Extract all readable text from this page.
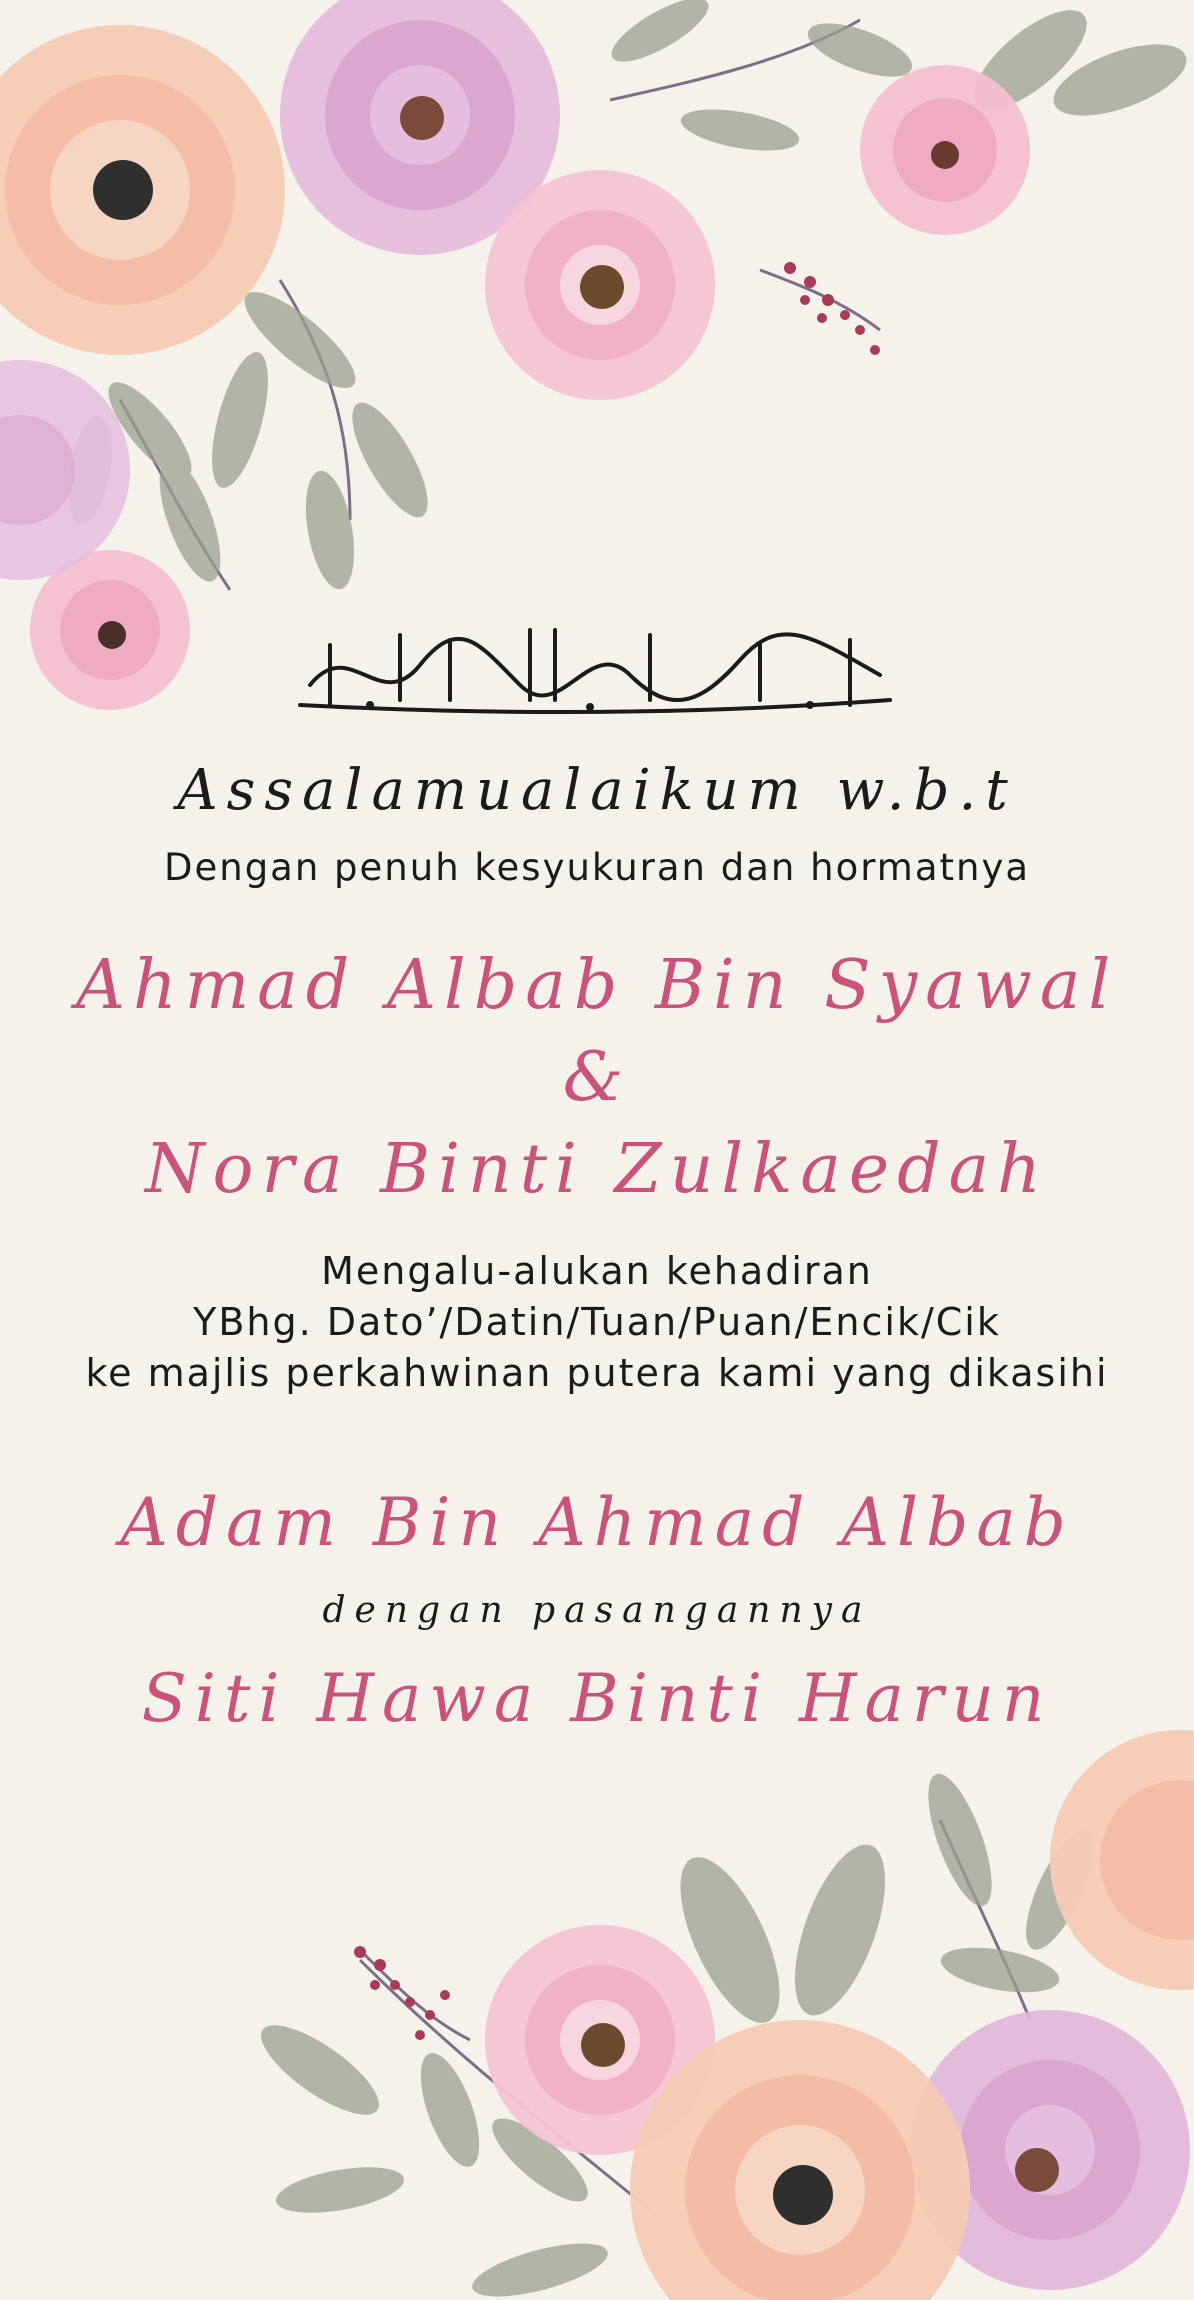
Assalamualaikum w.b.t
Dengan penuh kesyukuran dan hormatnya
Ahmad Albab Bin Syawal
&
Nora Binti Zulkaedah
Mengalu-alukan kehadiran
YBhg. Dato’/Datin/Tuan/Puan/Encik/Cik
ke majlis perkahwinan putera kami yang dikasihi
Adam Bin Ahmad Albab
dengan pasangannya
Siti Hawa Binti Harun
